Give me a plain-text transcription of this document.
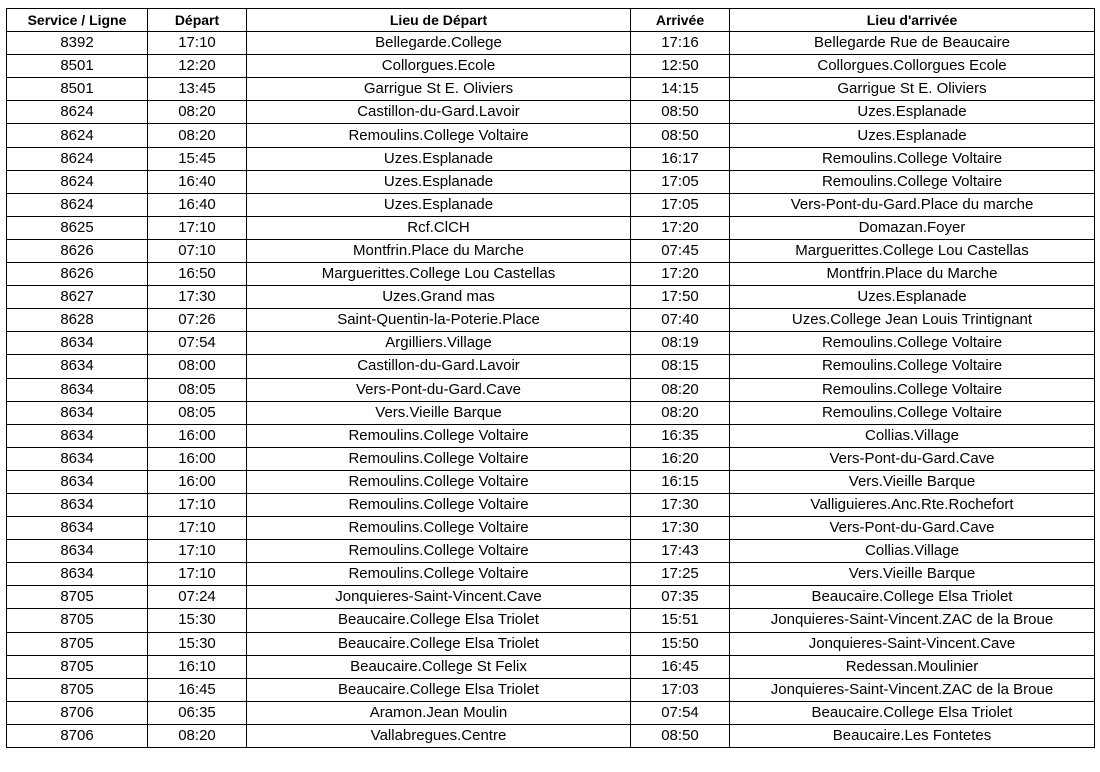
Service / Ligne	Départ	Lieu de Départ	Arrivée	Lieu d'arrivée
8392	17:10	Bellegarde.College	17:16	Bellegarde Rue de Beaucaire
8501	12:20	Collorgues.Ecole	12:50	Collorgues.Collorgues Ecole
8501	13:45	Garrigue St E. Oliviers	14:15	Garrigue St E. Oliviers
8624	08:20	Castillon-du-Gard.Lavoir	08:50	Uzes.Esplanade
8624	08:20	Remoulins.College Voltaire	08:50	Uzes.Esplanade
8624	15:45	Uzes.Esplanade	16:17	Remoulins.College Voltaire
8624	16:40	Uzes.Esplanade	17:05	Remoulins.College Voltaire
8624	16:40	Uzes.Esplanade	17:05	Vers-Pont-du-Gard.Place du marche
8625	17:10	Rcf.ClCH	17:20	Domazan.Foyer
8626	07:10	Montfrin.Place du Marche	07:45	Marguerittes.College Lou Castellas
8626	16:50	Marguerittes.College Lou Castellas	17:20	Montfrin.Place du Marche
8627	17:30	Uzes.Grand mas	17:50	Uzes.Esplanade
8628	07:26	Saint-Quentin-la-Poterie.Place	07:40	Uzes.College Jean Louis Trintignant
8634	07:54	Argilliers.Village	08:19	Remoulins.College Voltaire
8634	08:00	Castillon-du-Gard.Lavoir	08:15	Remoulins.College Voltaire
8634	08:05	Vers-Pont-du-Gard.Cave	08:20	Remoulins.College Voltaire
8634	08:05	Vers.Vieille Barque	08:20	Remoulins.College Voltaire
8634	16:00	Remoulins.College Voltaire	16:35	Collias.Village
8634	16:00	Remoulins.College Voltaire	16:20	Vers-Pont-du-Gard.Cave
8634	16:00	Remoulins.College Voltaire	16:15	Vers.Vieille Barque
8634	17:10	Remoulins.College Voltaire	17:30	Valliguieres.Anc.Rte.Rochefort
8634	17:10	Remoulins.College Voltaire	17:30	Vers-Pont-du-Gard.Cave
8634	17:10	Remoulins.College Voltaire	17:43	Collias.Village
8634	17:10	Remoulins.College Voltaire	17:25	Vers.Vieille Barque
8705	07:24	Jonquieres-Saint-Vincent.Cave	07:35	Beaucaire.College Elsa Triolet
8705	15:30	Beaucaire.College Elsa Triolet	15:51	Jonquieres-Saint-Vincent.ZAC de la Broue
8705	15:30	Beaucaire.College Elsa Triolet	15:50	Jonquieres-Saint-Vincent.Cave
8705	16:10	Beaucaire.College St Felix	16:45	Redessan.Moulinier
8705	16:45	Beaucaire.College Elsa Triolet	17:03	Jonquieres-Saint-Vincent.ZAC de la Broue
8706	06:35	Aramon.Jean Moulin	07:54	Beaucaire.College Elsa Triolet
8706	08:20	Vallabregues.Centre	08:50	Beaucaire.Les Fontetes
